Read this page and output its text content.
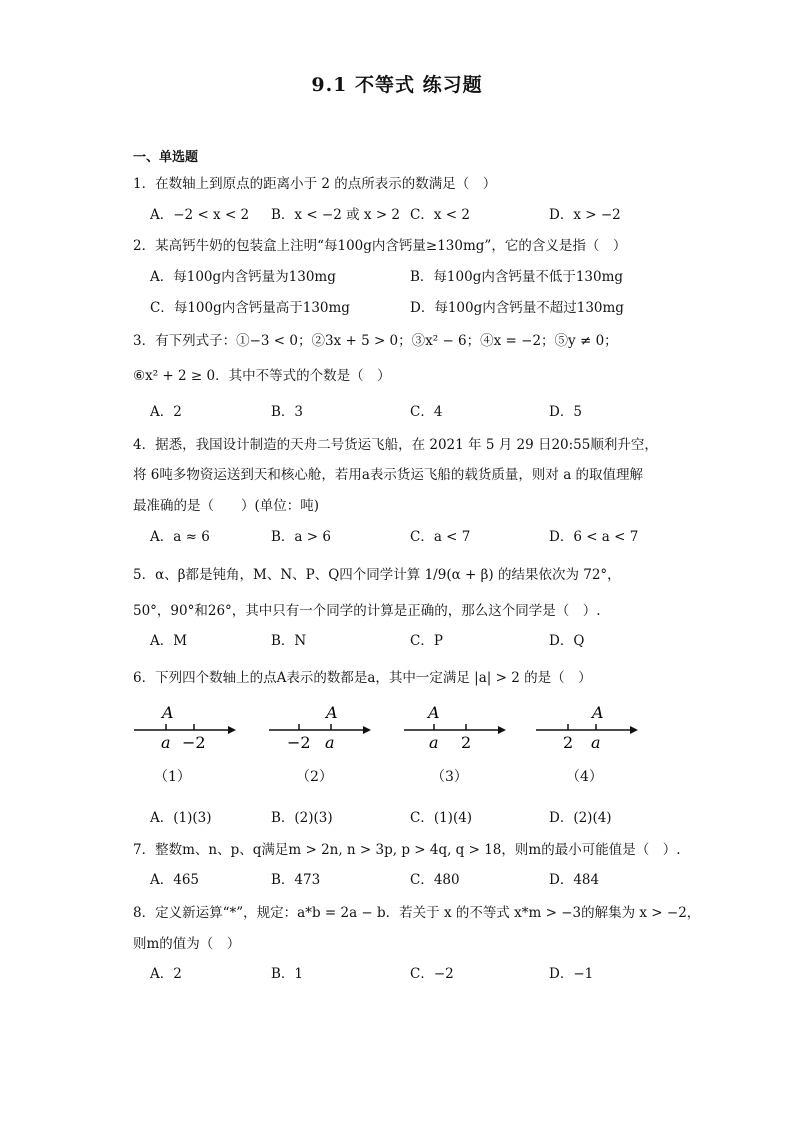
9.1 不等式 练习题
一、单选题
1．在数轴上到原点的距离小于 2 的点所表示的数满足（　）
A．−2 < x < 2 B．x < −2 或 x > 2 C．x < 2	D．x > −2
2．某高钙牛奶的包装盒上注明“每100g内含钙量≥130mg”，它的含义是指（　）
A．每100g内含钙量为130mg	B．每100g内含钙量不低于130mg
C．每100g内含钙量高于130mg	D．每100g内含钙量不超过130mg
3．有下列式子：①−3 < 0；②3x + 5 > 0；③x² − 6；④x = −2；⑤y ≠ 0；
⑥x² + 2 ≥ 0．其中不等式的个数是（　）
A．2	B．3	C．4	D．5
4．据悉，我国设计制造的天舟二号货运飞船，在 2021 年 5 月 29 日20:55顺利升空，
将 6吨多物资运送到天和核心舱，若用a表示货运飞船的载货质量，则对 a 的取值理解
最准确的是（　　）(单位：吨)
A．a ≈ 6	B．a > 6	C．a < 7	D．6 < a < 7
5．α、β都是钝角，M、N、P、Q四个同学计算 1/9(α + β) 的结果依次为 72°，
50°，90°和26°，其中只有一个同学的计算是正确的，那么这个同学是（　）.
A．M	B．N	C．P	D．Q
6．下列四个数轴上的点A表示的数都是a，其中一定满足 |a| > 2 的是（　）
A
a −2
A
−2 a
A
a 2
A
2 a
（1）	（2）	（3）	（4）
A．(1)(3)	B．(2)(3)	C．(1)(4)	D．(2)(4)
7．整数m、n、p、q满足m > 2n, n > 3p, p > 4q, q > 18，则m的最小可能值是（　）.
A．465	B．473	C．480	D．484
8．定义新运算“*”，规定：a*b = 2a − b．若关于 x 的不等式 x*m > −3的解集为 x > −2，
则m的值为（　）
A．2	B．1	C．−2	D．−1
